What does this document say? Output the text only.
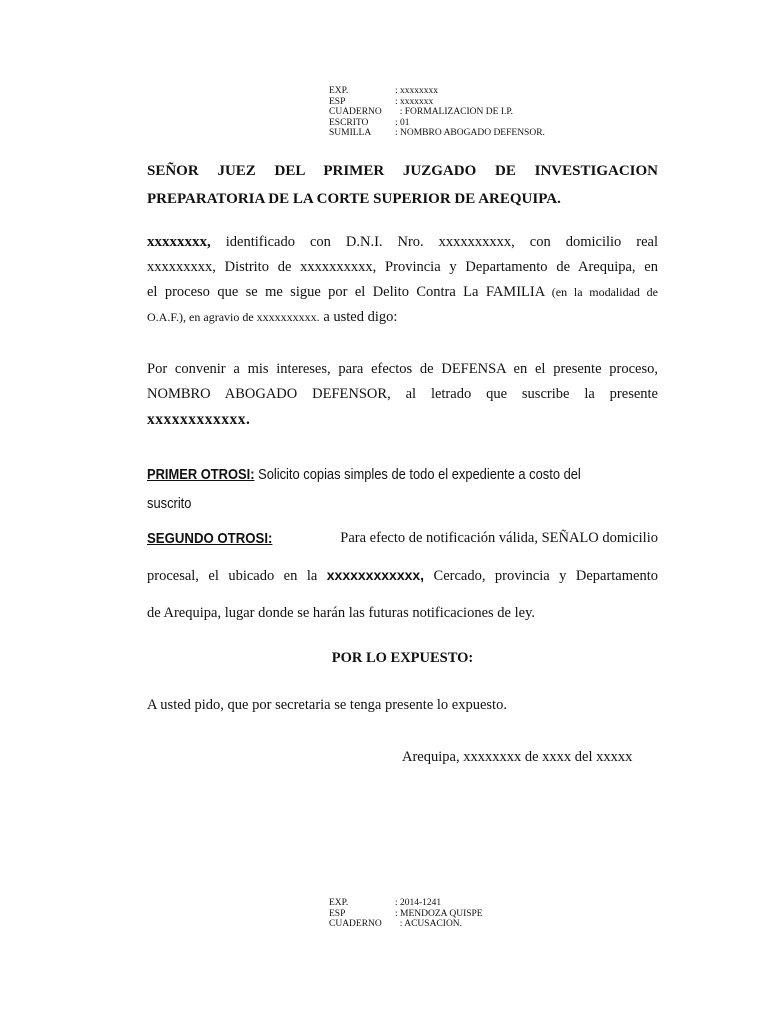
EXP.	: xxxxxxxx
ESP	: xxxxxxx
CUADERNO	: FORMALIZACION DE I.P.
ESCRITO	: 01
SUMILLA	: NOMBRO ABOGADO DEFENSOR.
SEÑOR JUEZ DEL PRIMER JUZGADO DE INVESTIGACION
PREPARATORIA DE LA CORTE SUPERIOR DE AREQUIPA.
xxxxxxxx, identificado con D.N.I. Nro. xxxxxxxxxx, con domicilio real
xxxxxxxxx, Distrito de xxxxxxxxxx, Provincia y Departamento de Arequipa, en
el proceso que se me sigue por el Delito Contra La FAMILIA (en la modalidad de
O.A.F.), en agravio de xxxxxxxxxx. a usted digo:
Por convenir a mis intereses, para efectos de DEFENSA en el presente proceso,
NOMBRO ABOGADO DEFENSOR, al letrado que suscribe la presente
xxxxxxxxxxxx.
PRIMER OTROSI: Solicito copias simples de todo el expediente a costo del
suscrito
SEGUNDO OTROSI:	Para efecto de notificación válida, SEÑALO domicilio
procesal, el ubicado en la xxxxxxxxxxxx, Cercado, provincia y Departamento
de Arequipa, lugar donde se harán las futuras notificaciones de ley.
POR LO EXPUESTO:
A usted pido, que por secretaria se tenga presente lo expuesto.
Arequipa, xxxxxxxx de xxxx del xxxxx
EXP.	: 2014-1241
ESP	: MENDOZA QUISPE
CUADERNO	: ACUSACION.
